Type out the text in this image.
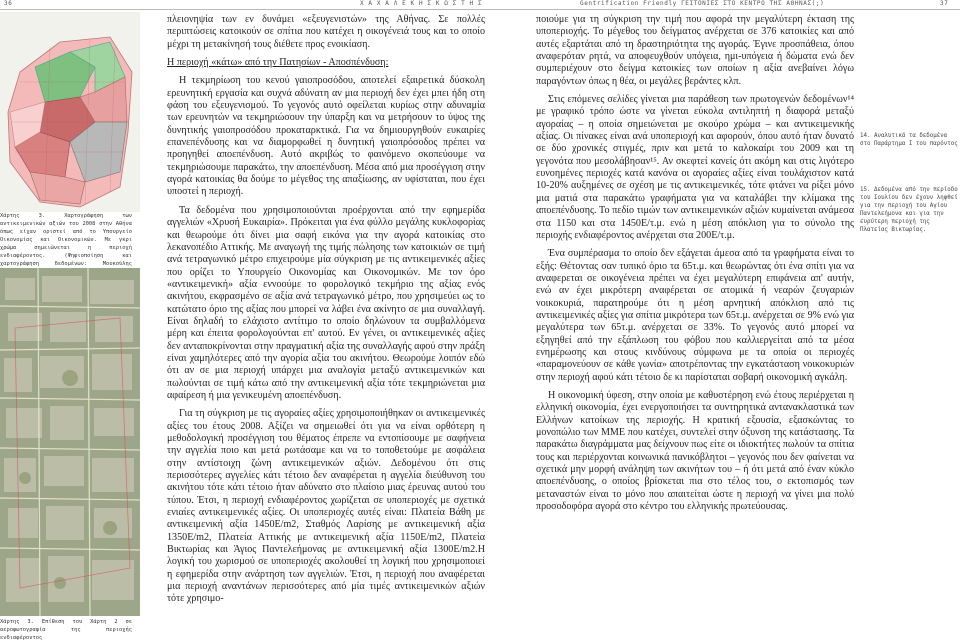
36	Χ Α Χ Α Λ Ε Κ Η Σ Κ Ω Σ Τ Η Σ	Gentrification Friendly ΓΕΙΤΟΝΙΕΣ ΣΤΟ ΚΕΝΤΡΟ ΤΗΣ ΑΘΗΝΑΣ(;)	37
Χάρτης 3. Χαρτογράφηση των αντικειμενικών αξιών του 2008 στην Αθήνα όπως είχαν οριστεί από το Υπουργείο Οικονομίας και Οικονομικών. Με γκρι χρώμα σημειώνεται η περιοχή ενδιαφέροντος. (Ψηφιοποίηση και χαρτογράφηση δεδομένων: Μουκούλης
Χάρτης 3. Επίθεση του Χάρτη 2 σε αεροφωτογραφία της περιοχής ενδιαφέροντος

πλειονηψία των εν δυνάμει «εξευγενιστών» της Αθήνας. Σε πολλές περιπτώσεις κατοικούν σε σπίτια που κατέχει η οικογένειά τους και το οποίο μέχρι τη μετακίνησή τους διέθετε προς ενοικίαση.

Η περιοχή «κάτω» από την Πατησίων - Αποσπένδυση:

Η τεκμηρίωση του κενού γαιοπροσόδου, αποτελεί εξαιρετικά δύσκολη ερευνητική εργασία και συχνά αδύνατη αν μια περιοχή δεν έχει μπει ήδη στη φάση του εξευγενισμού. Το γεγονός αυτό οφείλεται κυρίως στην αδυναμία των ερευνητών να τεκμηριώσουν την ύπαρξη και να μετρήσουν το ύψος της δυνητικής γαιοπροσόδου προκαταρκτικά. Για να δημιουργηθούν ευκαιρίες επανεπένδυσης και να διαμορφωθεί η δυνητική γαιοπρόσοδος πρέπει να προηγηθεί αποεπένδυση. Αυτό ακριβώς το φαινόμενο σκοπεύουμε να τεκμηριώσουμε παρακάτω, την αποεπένδυση. Μέσα από μια προσέγγιση στην αγορά κατοικίας θα δούμε το μέγεθος της απαξίωσης, αν υφίσταται, που έχει υποστεί η περιοχή.

Τα δεδομένα που χρησιμοποιούνται προέρχονται από την εφημερίδα αγγελιών «Χρυσή Ευκαιρία». Πρόκειται για ένα φύλλο μεγάλης κυκλοφορίας και θεωρούμε ότι δίνει μια σαφή εικόνα για την αγορά κατοικίας στο λεκανοπέδιο Αττικής. Με αναγωγή της τιμής πώλησης των κατοικιών σε τιμή ανά τετραγωνικό μέτρο επιχειρούμε μία σύγκριση με τις αντικειμενικές αξίες που ορίζει το Υπουργείο Οικονομίας και Οικονομικών. Με τον όρο «αντικειμενική» αξία εννοούμε το φορολογικό τεκμήριο της αξίας ενός ακινήτου, εκφρασμένο σε αξία ανά τετραγωνικό μέτρο, που χρησιμεύει ως το κατώτατο όριο της αξίας που μπορεί να λάβει ένα ακίνητο σε μια συναλλαγή. Είναι δηλαδή το ελάχιστο αντίτιμο το οποίο δηλώνουν τα συμβαλλόμενα μέρη και έπειτα φορολογούνται επ' αυτού. Εν γένει, οι αντικειμενικές αξίες δεν ανταποκρίνονται στην πραγματική αξία της συναλλαγής αφού στην πράξη είναι χαμηλότερες από την αγορία αξία του ακινήτου. Θεωρούμε λοιπόν εδώ ότι αν σε μια περιοχή υπάρχει μια αναλογία μεταξύ αντικειμενικών και πωλούνται σε τιμή κάτω από την αντικειμενική αξία τότε τεκμηριώνεται μια αφαίρεση ή μια γενικευμένη αποεπένδυση.

Για τη σύγκριση με τις αγοραίες αξίες χρησιμοποιήθηκαν οι αντικειμενικές αξίες του έτους 2008. Αξίζει να σημειωθεί ότι για να είναι ορθότερη η μεθοδολογική προσέγγιση του θέματος έπρεπε να εντοπίσουμε με σαφήνεια την αγγελία ποιο και μετά ρωτάσαμε και να το τοποθετούμε με ασφάλεια στην αντίστοιχη ζώνη αντικειμενικών αξιών. Δεδομένου ότι στις περισσότερες αγγελίες κάτι τέτοιο δεν αναφέρεται η αγγελία διεύθυνση του ακινήτου τότε κάτι τέτοιο ήταν αδύνατο στο πλαίσιο μιας έρευνας αυτού του τύπου. Έτσι, η περιοχή ενδιαφέροντος χωρίζεται σε υποπεριοχές με σχετικά ενιαίες αντικειμενικές αξίες. Οι υποπεριοχές αυτές είναι: Πλατεία Βάθη με αντικειμενική αξία 1450Ε/m2, Σταθμός Λαρίσης με αντικειμενική αξία 1350Ε/m2, Πλατεία Αττικής με αντικειμενική αξία 1150Ε/m2, Πλατεία Βικτωρίας και Άγιος Παντελεήμονας με αντικειμενική αξία 1300Ε/m2.Η λογική του χωρισμού σε υποπεριοχές ακολουθεί τη λογική που χρησιμοποιεί η εφημερίδα στην ανάρτηση των αγγελιών. Έτσι, η περιοχή που αναφέρεται μια περιοχή αναντάνων περισσότερες από μία τιμές αντικειμενικών αξιών τότε χρησιμο-

ποιούμε για τη σύγκριση την τιμή που αφορά την μεγαλύτερη έκταση της υποπεριοχής. Το μέγεθος του δείγματος ανέρχεται σε 376 κατοικίες και από αυτές εξαρτάται από τη δραστηριότητα της αγοράς. Έγινε προσπάθεια, όπου αναφερόταν ρητά, να αποφευχθούν υπόγεια, ημι-υπόγεια ή δώματα ενώ δεν συμπεριέχουν στο δείγμα κατοικίες των οποίων η αξία ανεβαίνει λόγω παραγόντων όπως η θέα, οι μεγάλες βεράντες κλπ.

Στις επόμενες σελίδες γίνεται μια παράθεση των πρωτογενών δεδομένων¹⁴ με γραφικό τρόπο ώστε να γίνεται εύκολα αντιληπτή η διαφορά μεταξύ αγοραίας – η οποία σημειώνεται με σκούρο χρώμα – και αντικειμενικής αξίας. Οι πίνακες είναι ανά υποπεριοχή και αφορούν, όπου αυτό ήταν δυνατό σε δύο χρονικές στιγμές, πριν και μετά το καλοκαίρι του 2009 και τη γεγονότα που μεσολάβησαν¹⁵. Αν σκεφτεί κανείς ότι ακόμη και στις λιγότερο ευνοημένες περιοχές κατά κανόνα οι αγοραίες αξίες είναι τουλάχιστον κατά 10-20% αυξημένες σε σχέση με τις αντικειμενικές, τότε φτάνει να ρίξει μόνο μια ματιά στα παρακάτω γραφήματα για να καταλάβει την κλίμακα της αποεπένδυσης. Το πεδίο τιμών των αντικειμενικών αξιών κυμαίνεται ανάμεσα στα 1150 και στα 1450Ε/τ.μ. ενώ η μέση απόκλιση για το σύνολο της περιοχής ενδιαφέροντος ανέρχεται στα 200Ε/τ.μ.

Ένα συμπέρασμα το οποίο δεν εξάγεται άμεσα από τα γραφήματα είναι το εξής: Θέτοντας σαν τυπικό όριο τα 65τ.μ. και θεωρώντας ότι ένα σπίτι για να αναφερεται σε οικογένεια πρέπει να έχει μεγαλύτερη επιφάνεια απ' αυτήν, ενώ αν έχει μικρότερη αναφέρεται σε ατομικά ή νεαρών ζευγαριών νοικοκυριά, παρατηρούμε ότι η μέση αρνητική απόκλιση από τις αντικειμενικές αξίες για σπίτια μικρότερα των 65τ.μ. ανέρχεται σε 9% ενώ για μεγαλύτερα των 65τ.μ. ανέρχεται σε 33%. Το γεγονός αυτό μπορεί να εξηγηθεί από την εξάπλωση του φόβου που καλλιεργείται από τα μέσα ενημέρωσης και στους κινδύνους σύμφωνα με τα οποία οι περιοχές «παραμονεύουν σε κάθε γωνία» αποτρέποντας την εγκατάσταση νοικοκυριών στην περιοχή αφού κάτι τέτοιο δε κι παρίσταται σοβαρή οικονομική αγκάλη.

Η οικονομική ύφεση, στην οποία με καθυστέρηση ενώ έτους περιέρχεται η ελληνική οικονομία, έχει ενεργοποιήσει τα συντηρητικά αντανακλαστικά των Ελλήνων κατοίκων της περιοχής. Η κρατική εξουσία, εξασκώντας το μονοπώλιο των ΜΜΕ που κατέχει, συντελεί στην όξυνση της κατάστασης. Τα παρακάτω διαγράμματα μας δείχνουν πως είτε οι ιδιοκτήτες πωλούν τα σπίτια τους και περιέρχονται κοινωνικά πανικόβλητοι – γεγονός που δεν φαίνεται να σχετικά μην μορφή ανάληψη των ακινήτων του – ή ότι μετά από έναν κύκλο αποεπένδυσης, ο οποίος βρίσκεται πια στο τέλος του, ο εκτοπισμός των μεταναστών είναι το μόνο που απαιτείται ώστε η περιοχή να γίνει μια πολύ προσοδοφόρα αγορά στο κέντρο του ελληνικής πρωτεύουσας.

14. Αναλυτικά τα δεδομένα στο Παράρτημα Ι του παρόντος
15. Δεδομένα από την περίοδο του Ιουλίου δεν έχουν ληφθεί για την περιοχή του Αγίου Παντελεήμονα και για την ευρύτερη περιοχή της Πλατείας Βικτωρίας.
